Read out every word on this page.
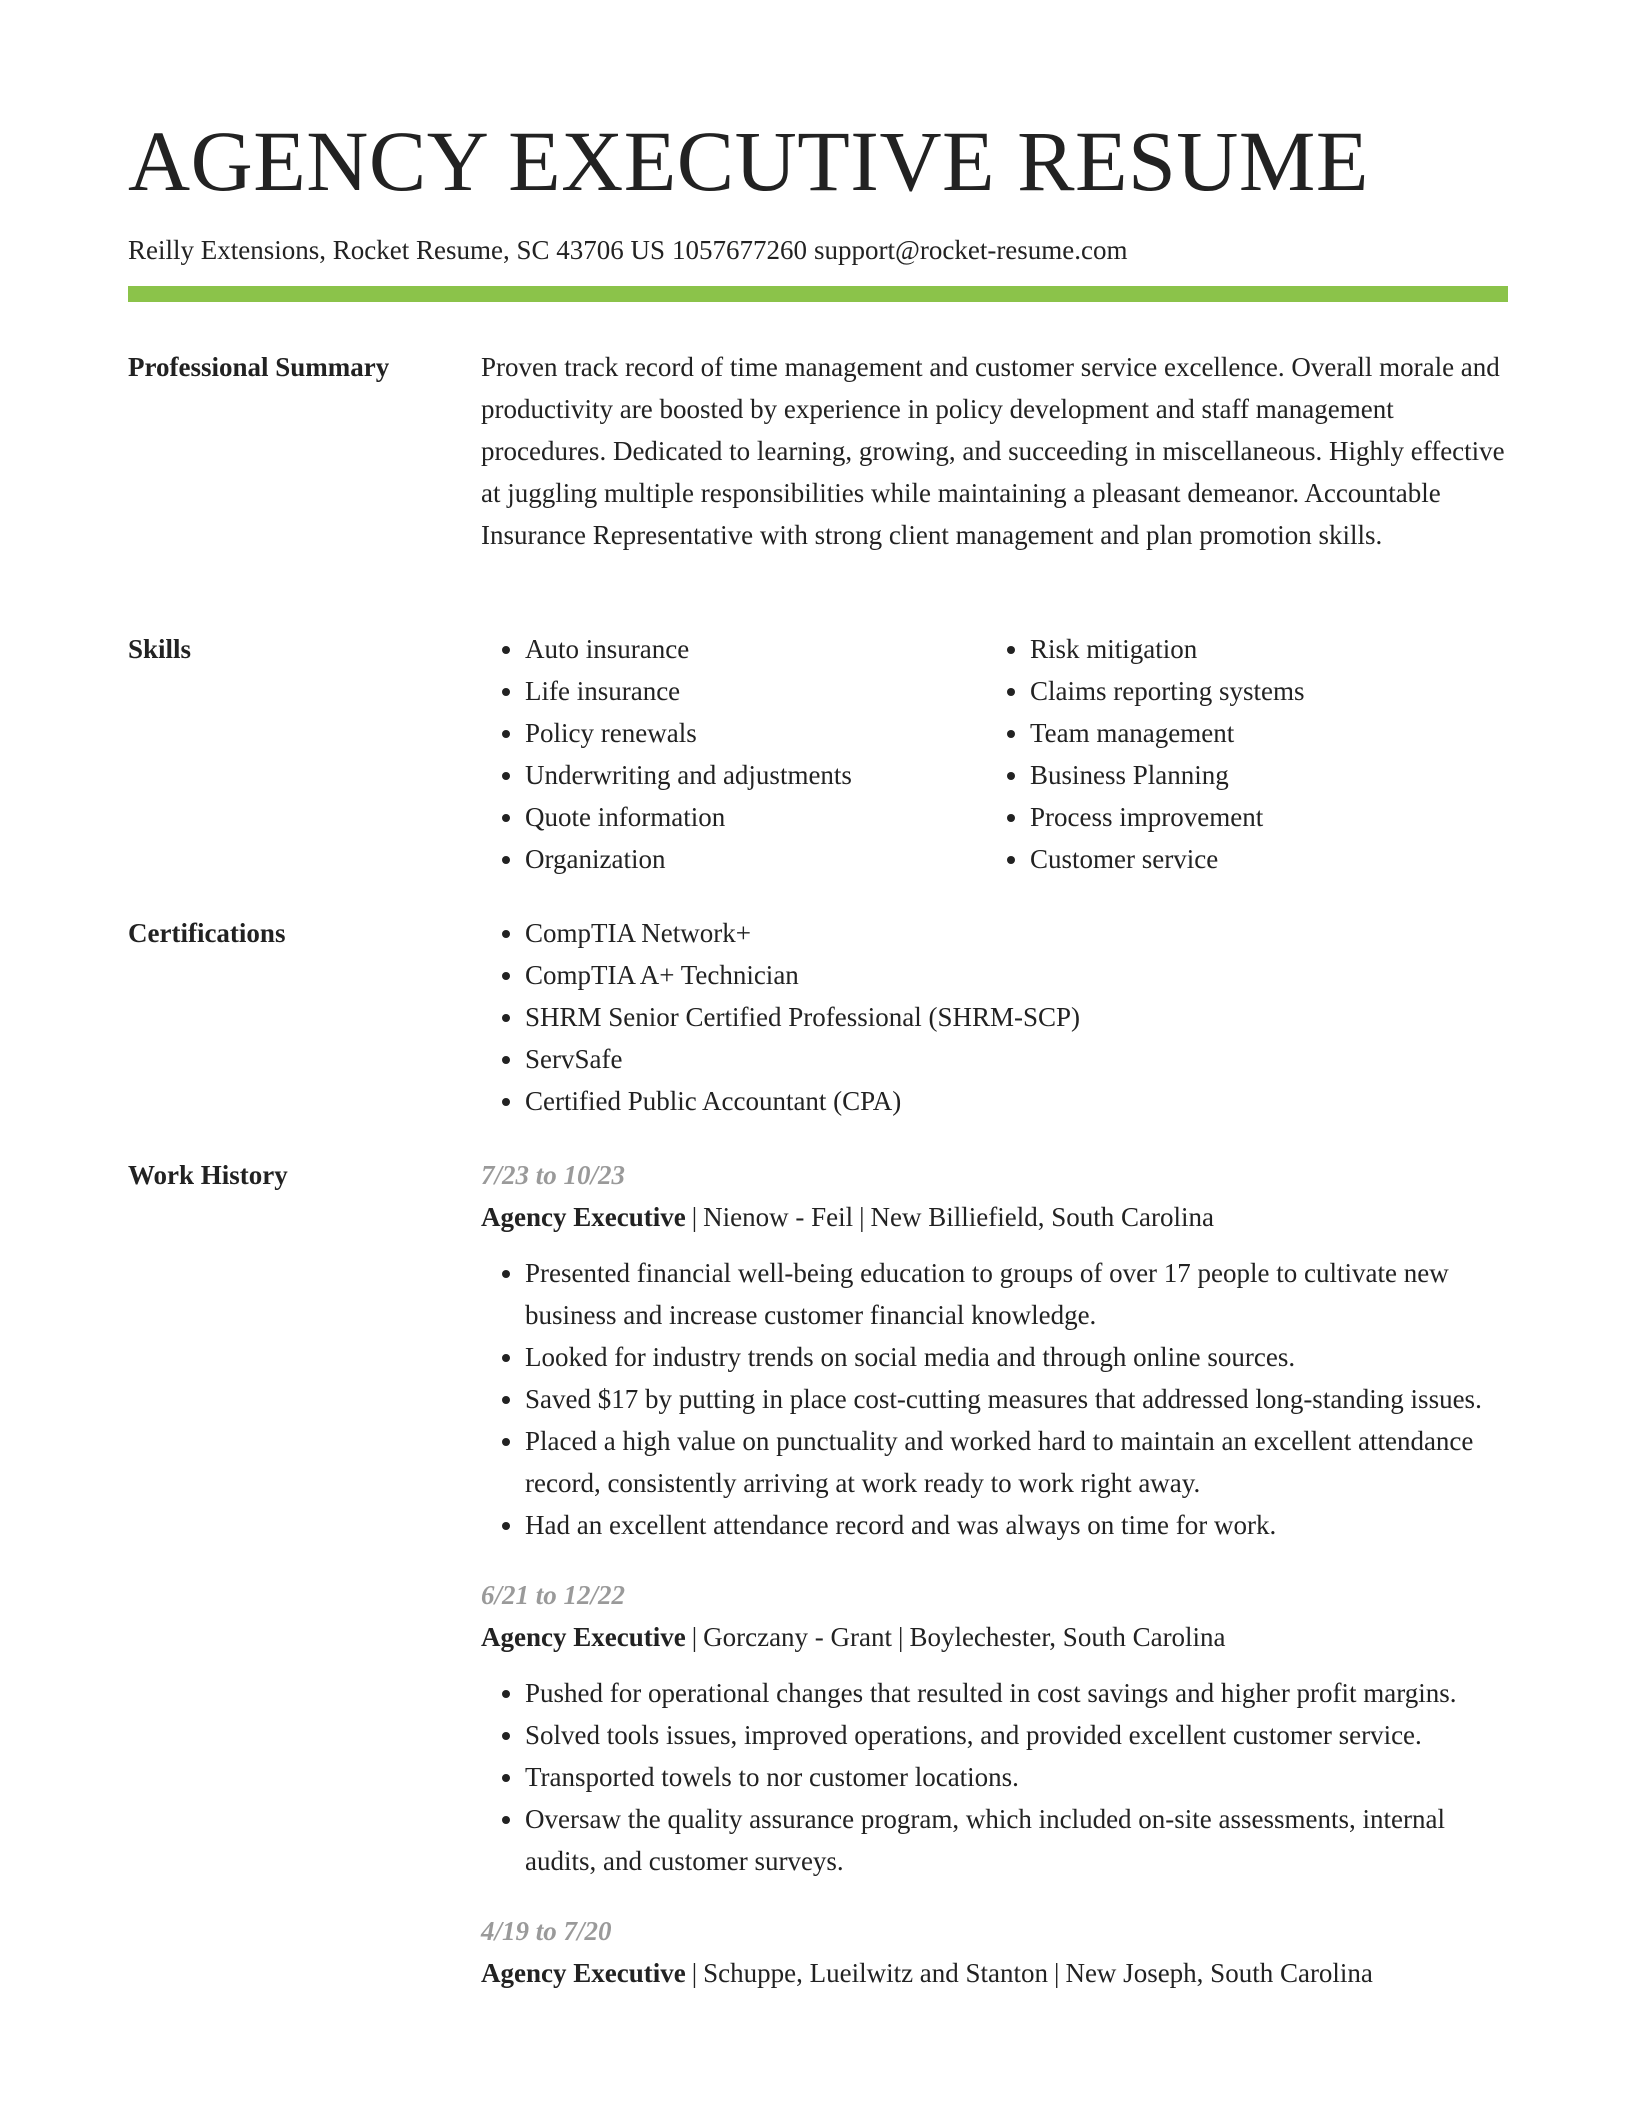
AGENCY EXECUTIVE RESUME
Reilly Extensions, Rocket Resume, SC 43706 US 1057677260 support@rocket-resume.com
Professional Summary	Proven track record of time management and customer service excellence. Overall morale and productivity are boosted by experience in policy development and staff management procedures. Dedicated to learning, growing, and succeeding in miscellaneous. Highly effective at juggling multiple responsibilities while maintaining a pleasant demeanor. Accountable Insurance Representative with strong client management and plan promotion skills.

Skills	• Auto insurance
• Life insurance
• Policy renewals
• Underwriting and adjustments
• Quote information
• Organization
• Risk mitigation
• Claims reporting systems
• Team management
• Business Planning
• Process improvement
• Customer service
Certifications	• CompTIA Network+
• CompTIA A+ Technician
• SHRM Senior Certified Professional (SHRM-SCP)
• ServSafe
• Certified Public Accountant (CPA)
Work History	7/23 to 10/23
Agency Executive | Nienow - Feil | New Billiefield, South Carolina
• Presented financial well-being education to groups of over 17 people to cultivate new business and increase customer financial knowledge.
• Looked for industry trends on social media and through online sources.
• Saved $17 by putting in place cost-cutting measures that addressed long-standing issues.
• Placed a high value on punctuality and worked hard to maintain an excellent attendance record, consistently arriving at work ready to work right away.
• Had an excellent attendance record and was always on time for work.
6/21 to 12/22
Agency Executive | Gorczany - Grant | Boylechester, South Carolina
• Pushed for operational changes that resulted in cost savings and higher profit margins.
• Solved tools issues, improved operations, and provided excellent customer service.
• Transported towels to nor customer locations.
• Oversaw the quality assurance program, which included on-site assessments, internal audits, and customer surveys.
4/19 to 7/20
Agency Executive | Schuppe, Lueilwitz and Stanton | New Joseph, South Carolina
